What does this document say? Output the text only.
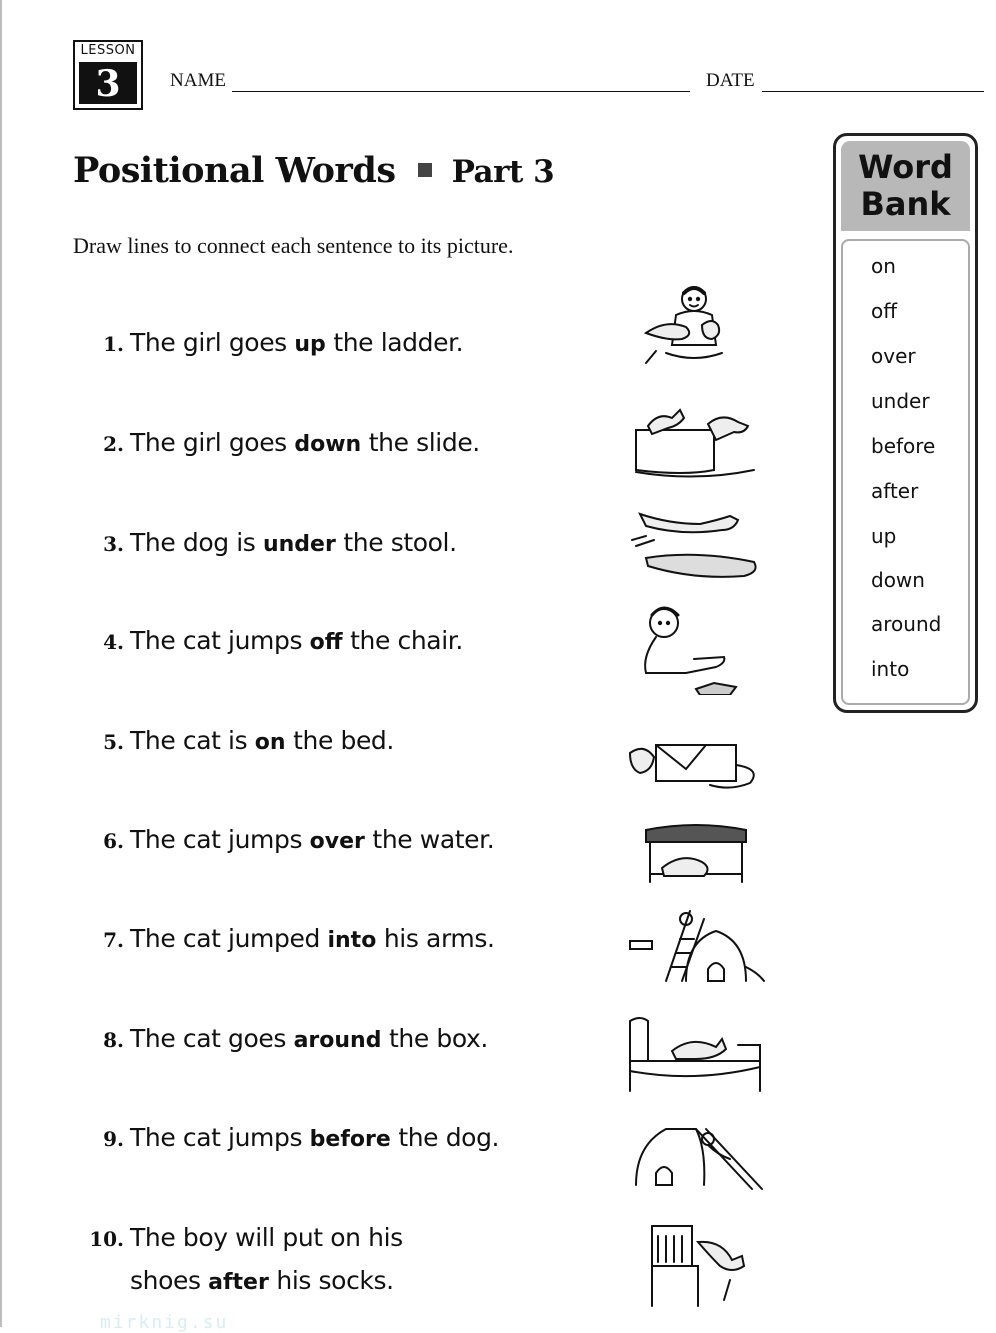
LESSON
3	NAME	DATE
Positional Words Part 3
Draw lines to connect each sentence to its picture.
1. The girl goes up the ladder.
2. The girl goes down the slide.
3. The dog is under the stool.
4. The cat jumps off the chair.
5. The cat is on the bed.
6. The cat jumps over the water.
7. The cat jumped into his arms.
8. The cat goes around the box.
9. The cat jumps before the dog.
10. The boy will put on his
shoes after his socks.
Word
Bank
on
off
over
under
before
after
up
down
around
into
mirknig.su
